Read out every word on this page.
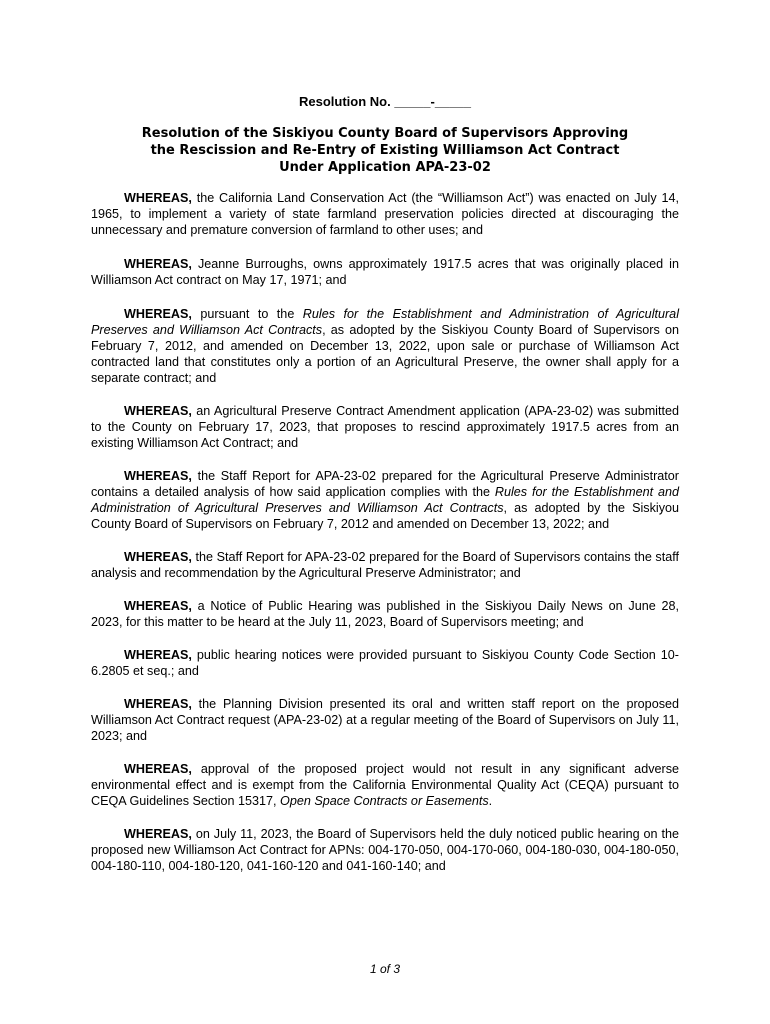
Resolution No. _____-_____
Resolution of the Siskiyou County Board of Supervisors Approving
the Rescission and Re-Entry of Existing Williamson Act Contract
Under Application APA-23-02

WHEREAS, the California Land Conservation Act (the “Williamson Act”) was enacted on July 14, 1965, to implement a variety of state farmland preservation policies directed at discouraging the unnecessary and premature conversion of farmland to other uses; and

WHEREAS, Jeanne Burroughs, owns approximately 1917.5 acres that was originally placed in Williamson Act contract on May 17, 1971; and

WHEREAS, pursuant to the Rules for the Establishment and Administration of Agricultural Preserves and Williamson Act Contracts, as adopted by the Siskiyou County Board of Supervisors on February 7, 2012, and amended on December 13, 2022, upon sale or purchase of Williamson Act contracted land that constitutes only a portion of an Agricultural Preserve, the owner shall apply for a separate contract; and

WHEREAS, an Agricultural Preserve Contract Amendment application (APA-23-02) was submitted to the County on February 17, 2023, that proposes to rescind approximately 1917.5 acres from an existing Williamson Act Contract; and

WHEREAS, the Staff Report for APA-23-02 prepared for the Agricultural Preserve Administrator contains a detailed analysis of how said application complies with the Rules for the Establishment and Administration of Agricultural Preserves and Williamson Act Contracts, as adopted by the Siskiyou County Board of Supervisors on February 7, 2012 and amended on December 13, 2022; and

WHEREAS, the Staff Report for APA-23-02 prepared for the Board of Supervisors contains the staff analysis and recommendation by the Agricultural Preserve Administrator; and

WHEREAS, a Notice of Public Hearing was published in the Siskiyou Daily News on June 28, 2023, for this matter to be heard at the July 11, 2023, Board of Supervisors meeting; and

WHEREAS, public hearing notices were provided pursuant to Siskiyou County Code Section 10-6.2805 et seq.; and

WHEREAS, the Planning Division presented its oral and written staff report on the proposed Williamson Act Contract request (APA-23-02) at a regular meeting of the Board of Supervisors on July 11, 2023; and

WHEREAS, approval of the proposed project would not result in any significant adverse environmental effect and is exempt from the California Environmental Quality Act (CEQA) pursuant to CEQA Guidelines Section 15317, Open Space Contracts or Easements.

WHEREAS, on July 11, 2023, the Board of Supervisors held the duly noticed public hearing on the proposed new Williamson Act Contract for APNs: 004-170-050, 004-170-060, 004-180-030, 004-180-050, 004-180-110, 004-180-120, 041-160-120 and 041-160-140; and

1 of 3
